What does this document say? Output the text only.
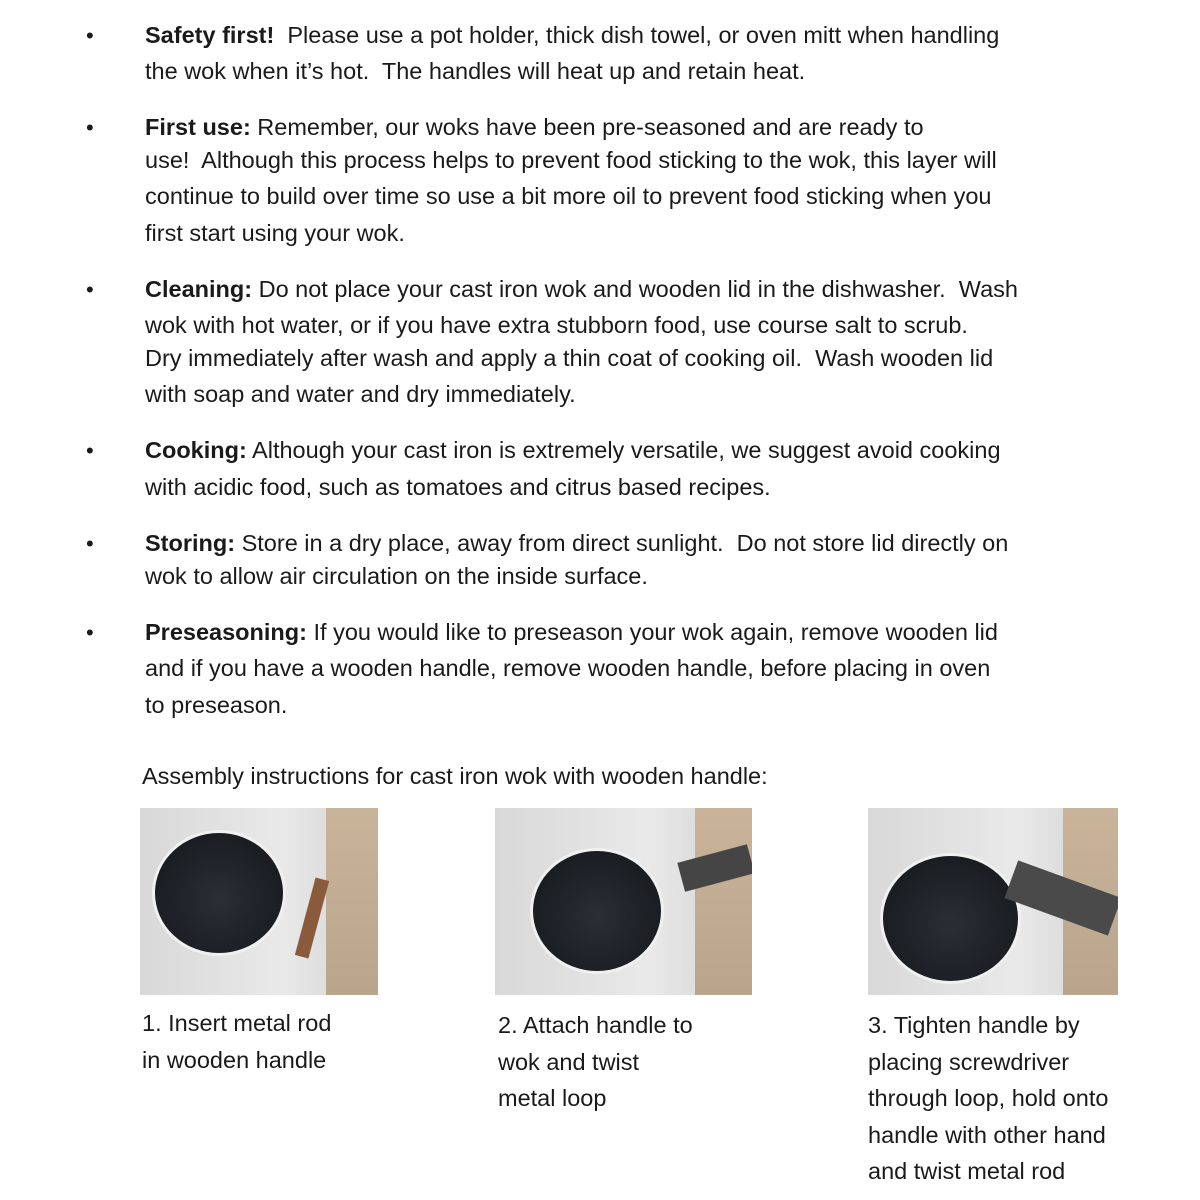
• Safety first!  Please use a pot holder, thick dish towel, or oven mitt when handling
the wok when it’s hot.  The handles will heat up and retain heat.
• First use: Remember, our woks have been pre-seasoned and are ready to
use!  Although this process helps to prevent food sticking to the wok, this layer will
continue to build over time so use a bit more oil to prevent food sticking when you
first start using your wok.
• Cleaning: Do not place your cast iron wok and wooden lid in the dishwasher.  Wash
wok with hot water, or if you have extra stubborn food, use course salt to scrub.
Dry immediately after wash and apply a thin coat of cooking oil.  Wash wooden lid
with soap and water and dry immediately.
• Cooking: Although your cast iron is extremely versatile, we suggest avoid cooking
with acidic food, such as tomatoes and citrus based recipes.
• Storing: Store in a dry place, away from direct sunlight.  Do not store lid directly on
wok to allow air circulation on the inside surface.
• Preseasoning: If you would like to preseason your wok again, remove wooden lid
and if you have a wooden handle, remove wooden handle, before placing in oven
to preseason.
Assembly instructions for cast iron wok with wooden handle:
1. Insert metal rod
in wooden handle
2. Attach handle to
wok and twist
metal loop
3. Tighten handle by
placing screwdriver
through loop, hold onto
handle with other hand
and twist metal rod
